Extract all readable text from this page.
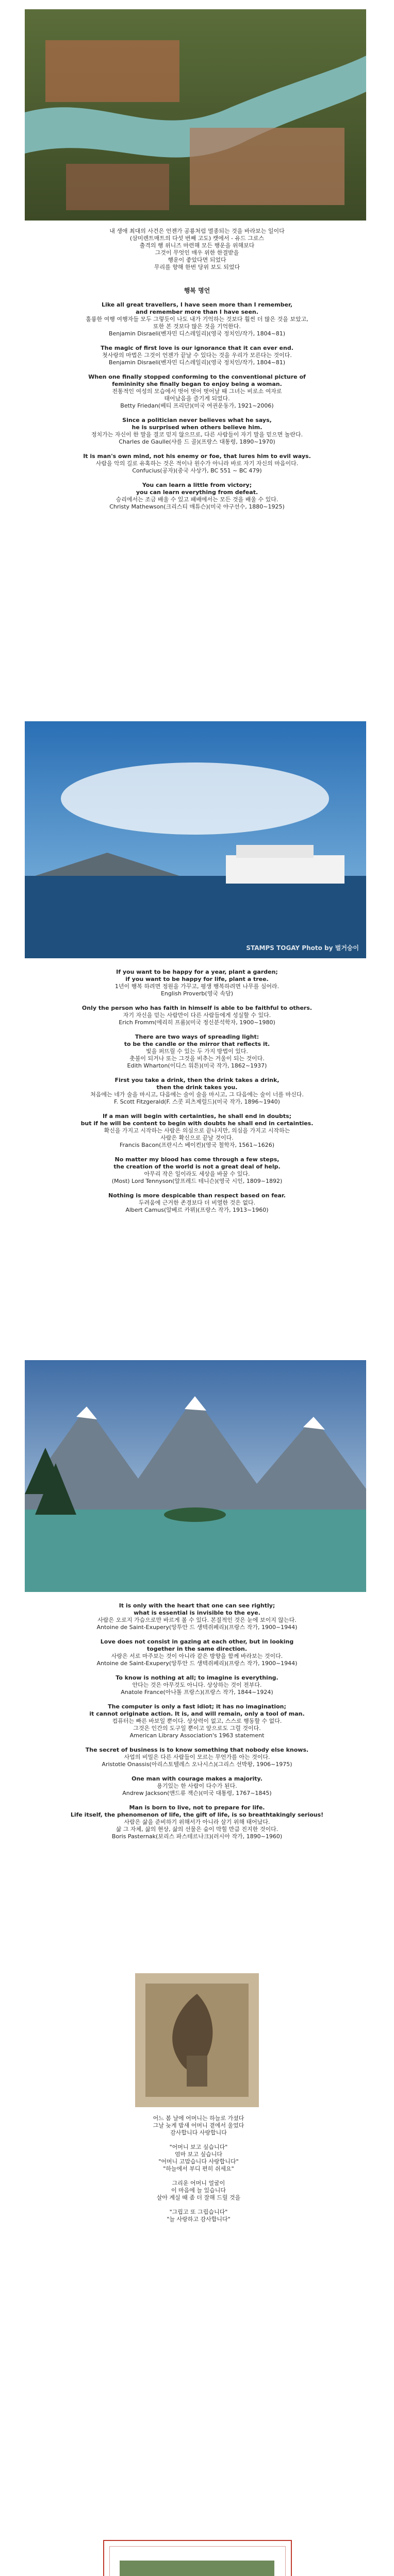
내 생애 최대의 사건은 언젠가 공룡처럼 멸종되는 것을 바라보는 일이다
(삼미렌트매트의 다섯 번째 고도) 캣에서 - 유드 그로스
출격의 행 위니즈 마련해 모든 행운을 위해보다
그것이 무엇인 매우 위한 한결받을
행운이 좋았다면 되었다
무리를 향해 한번 당위 보도 되었다
행복 명언
Like all great travellers, I have seen more than I remember,
and remember more than I have seen.
훌륭한 여행 여행자들 모두 그렇듯이 나도 내가 기억하는 것보다 훨씬 더 많은 것을 보았고,
또한 본 것보다 많은 것을 기억한다.
Benjamin Disraeli(벤자민 디스레일리)(영국 정치인/작가, 1804~81)

The magic of first love is our ignorance that it can ever end.
첫사랑의 마법은 그것이 언젠가 끝날 수 있다는 것을 우리가 모른다는 것이다.
Benjamin Disraeli(벤자민 디스레일리)(영국 정치인/작가, 1804~81)

When one finally stopped conforming to the conventional picture of
femininity she finally began to enjoy being a woman.
전통적인 여성의 모습에서 벗어 벗어 벗어날 때 그녀는 비로소 여자로
태어났음을 즐기게 되었다.
Betty Friedan(베티 프리단)(미국 여권운동가, 1921~2006)

Since a politician never believes what he says,
he is surprised when others believe him.
정치가는 자신이 한 말을 결코 믿지 않으므로, 다른 사람들이 자기 말을 믿으면 놀란다.
Charles de Gaulle(샤를 드 골)(프랑스 대통령, 1890~1970)

It is man's own mind, not his enemy or foe, that lures him to evil ways.
사람을 악의 길로 유혹하는 것은 적이나 원수가 아니라 바로 자기 자신의 마음이다.
Confucius(공자)(중국 사상가, BC 551 ~ BC 479)

You can learn a little from victory;
you can learn everything from defeat.
승리에서는 조금 배울 수 있고 패배에서는 모든 것을 배울 수 있다.
Christy Mathewson(크리스티 매튜슨)(미국 야구선수, 1880~1925)
STAMPS TOGAY Photo by 벌거숭이
If you want to be happy for a year, plant a garden;
if you want to be happy for life, plant a tree.
1년이 행복 하려면 정원을 가꾸고, 평생 행복하려면 나무를 심어라.
English Proverb(영국 속담)

Only the person who has faith in himself is able to be faithful to others.
자기 자신을 믿는 사람만이 다른 사람들에게 성실할 수 있다.
Erich Fromm(에리히 프롬)(미국 정신분석학자, 1900~1980)

There are two ways of spreading light:
to be the candle or the mirror that reflects it.
빛을 퍼뜨릴 수 있는 두 가지 방법이 있다.
촛불이 되거나 또는 그것을 비추는 거울이 되는 것이다.
Edith Wharton(이디스 워튼)(미국 작가, 1862~1937)

First you take a drink, then the drink takes a drink,
then the drink takes you.
처음에는 네가 술을 마시고, 다음에는 술이 술을 마시고, 그 다음에는 술이 너를 마신다.
F. Scott Fitzgerald(F. 스콧 피츠제럴드)(미국 작가, 1896~1940)

If a man will begin with certainties, he shall end in doubts;
but if he will be content to begin with doubts he shall end in certainties.
확신을 가지고 시작하는 사람은 의심으로 끝나지만, 의심을 가지고 시작하는
사람은 확신으로 끝날 것이다.
Francis Bacon(프란시스 베이컨)(영국 철학자, 1561~1626)

No matter my blood has come through a few steps,
the creation of the world is not a great deal of help.
아무리 작은 일이라도 세상을 바꿀 수 있다.
(Most) Lord Tennyson(알프레드 테니슨)(영국 시인, 1809~1892)

Nothing is more despicable than respect based on fear.
두려움에 근거한 존경보다 더 비열한 것은 없다.
Albert Camus(알베르 카뮈)(프랑스 작가, 1913~1960)
It is only with the heart that one can see rightly;
what is essential is invisible to the eye.
사람은 오로지 가슴으로만 바르게 볼 수 있다. 본질적인 것은 눈에 보이지 않는다.
Antoine de Saint-Exupery(앙투안 드 생텍쥐페리)(프랑스 작가, 1900~1944)

Love does not consist in gazing at each other, but in looking
together in the same direction.
사랑은 서로 마주보는 것이 아니라 같은 방향을 함께 바라보는 것이다.
Antoine de Saint-Exupery(앙투안 드 생텍쥐페리)(프랑스 작가, 1900~1944)

To know is nothing at all; to imagine is everything.
안다는 것은 아무것도 아니다. 상상하는 것이 전부다.
Anatole France(아나톨 프랑스)(프랑스 작가, 1844~1924)

The computer is only a fast idiot; it has no imagination;
it cannot originate action. It is, and will remain, only a tool of man.
컴퓨터는 빠른 바보일 뿐이다. 상상력이 없고, 스스로 행동할 수 없다.
그것은 인간의 도구일 뿐이고 앞으로도 그럴 것이다.
American Library Association's 1963 statement

The secret of business is to know something that nobody else knows.
사업의 비밀은 다른 사람들이 모르는 무언가를 아는 것이다.
Aristotle Onassis(아리스토텔레스 오나시스)(그리스 선박왕, 1906~1975)

One man with courage makes a majority.
용기있는 한 사람이 다수가 된다.
Andrew Jackson(앤드류 잭슨)(미국 대통령, 1767~1845)

Man is born to live, not to prepare for life.
Life itself, the phenomenon of life, the gift of life, is so breathtakingly serious!
사람은 삶을 준비하기 위해서가 아니라 살기 위해 태어났다.
삶 그 자체, 삶의 현상, 삶의 선물은 숨이 막힐 만큼 진지한 것이다.
Boris Pasternak(보리스 파스테르나크)(러시아 작가, 1890~1960)
어느 봄 날에 어머니는 하늘로 가셨다
그날 늦게 밤새 어머니 곁에서 울었다
감사합니다 사랑합니다

"어머니 보고 싶습니다"
엄마 보고 싶습니다
"어머니 고맙습니다 사랑합니다"
"하늘에서 부디 편히 쉬세요"

그리운 어머니 얼굴이
이 마음에 늘 있습니다
살아 계실 때 좀 더 잘해 드릴 것을

"그립고 또 그립습니다"
"늘 사랑하고 감사합니다"
